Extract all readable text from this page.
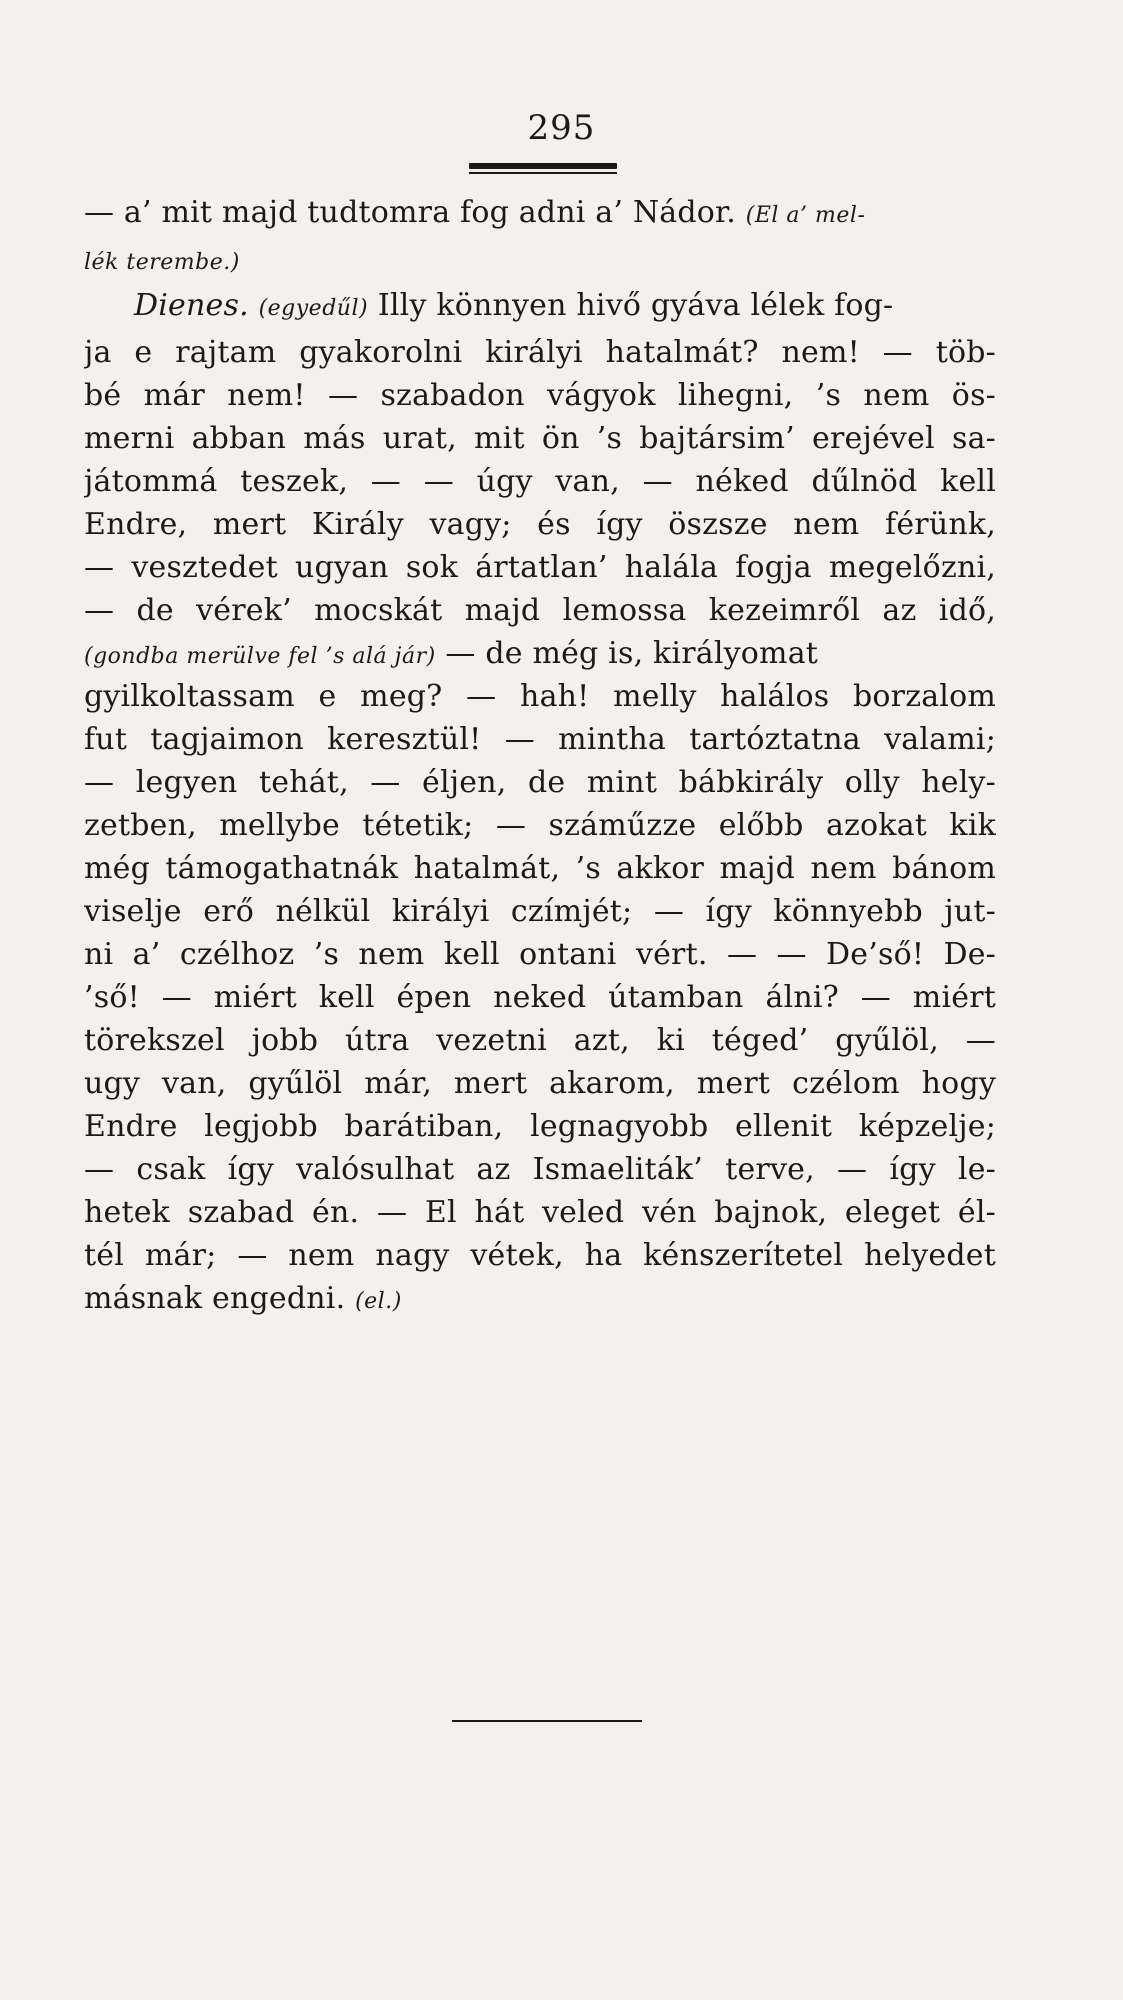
295
— a’ mit majd tudtomra fog adni a’ Nádor. (El a’ mel-
lék terembe.)
Dienes. (egyedűl) Illy könnyen hivő gyáva lélek fog-
ja e rajtam gyakorolni királyi hatalmát? nem! — töb-
bé már nem! — szabadon vágyok lihegni, ’s nem ös-
merni abban más urat, mit ön ’s bajtársim’ erejével sa-
játommá teszek, — — úgy van, — néked dűlnöd kell
Endre, mert Király vagy; és így öszsze nem férünk,
— vesztedet ugyan sok ártatlan’ halála fogja megelőzni,
— de vérek’ mocskát majd lemossa kezeimről az idő,
(gondba merülve fel ’s alá jár) — de még is, királyomat
gyilkoltassam e meg? — hah! melly halálos borzalom
fut tagjaimon keresztül! — mintha tartóztatna valami;
— legyen tehát, — éljen, de mint bábkirály olly hely-
zetben, mellybe tétetik; — száműzze előbb azokat kik
még támogathatnák hatalmát, ’s akkor majd nem bánom
viselje erő nélkül királyi czímjét; — így könnyebb jut-
ni a’ czélhoz ’s nem kell ontani vért. — — De’ső! De-
’ső! — miért kell épen neked útamban álni? — miért
törekszel jobb útra vezetni azt, ki téged’ gyűlöl, —
ugy van, gyűlöl már, mert akarom, mert czélom hogy
Endre legjobb barátiban, legnagyobb ellenit képzelje;
— csak így valósulhat az Ismaeliták’ terve, — így le-
hetek szabad én. — El hát veled vén bajnok, eleget él-
tél már; — nem nagy vétek, ha kénszerítetel helyedet
másnak engedni. (el.)
